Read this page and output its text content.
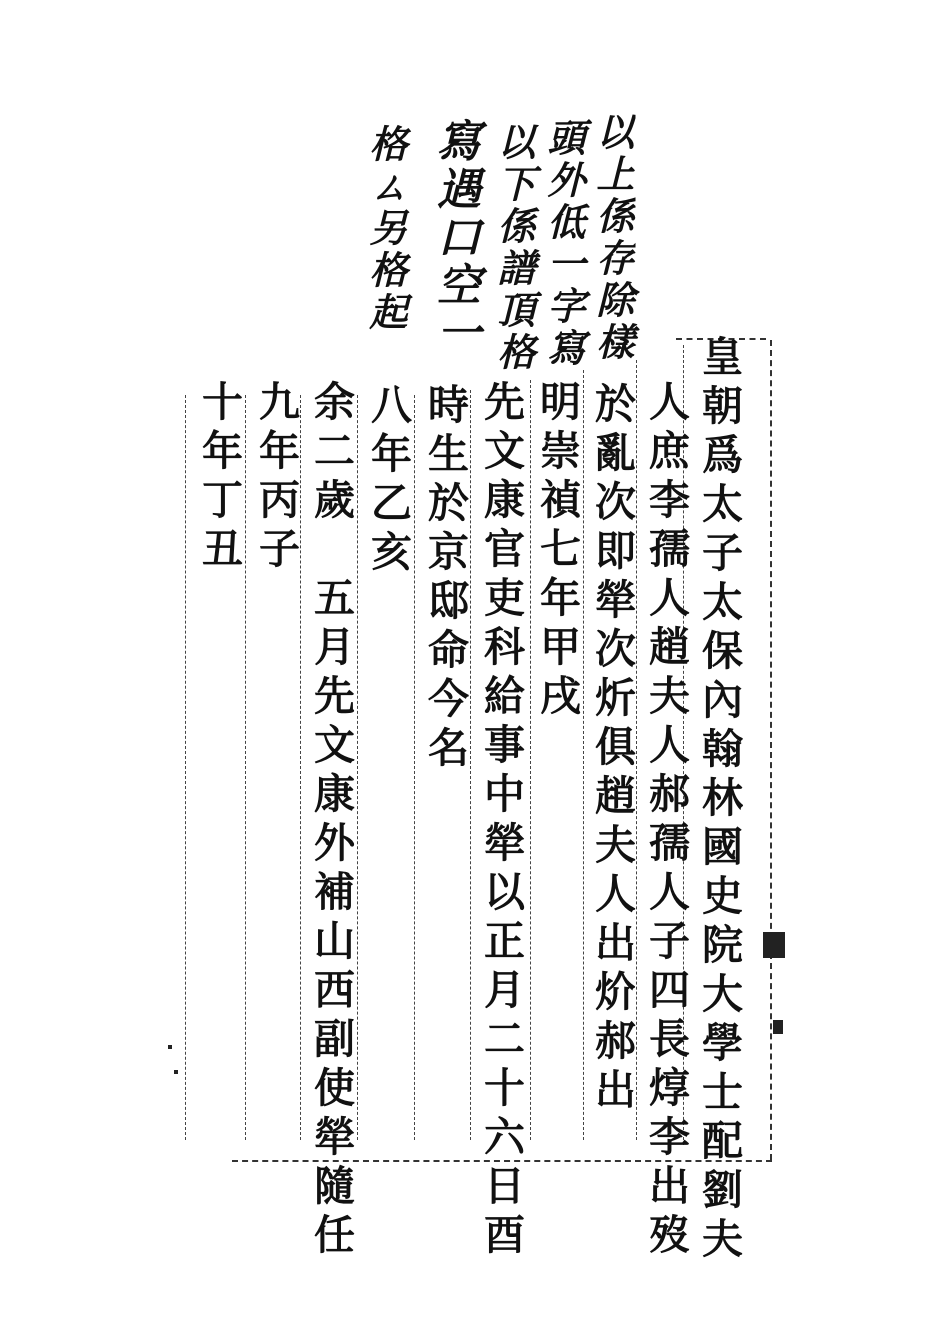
以上係存除樣
頭外低一字寫
以下係譜頂格
寫遇口空一
格ㄙ另格起
皇朝爲太子太保內翰林國史院大學士配劉夫
人庶李孺人趙夫人郝孺人子四長焞李出歿
於亂次即犖次炘俱趙夫人出炌郝出
明崇禎七年甲戌
先文康官吏科給事中犖以正月二十六日酉
時生於京邸命今名
八年乙亥
余二歲　五月先文康外補山西副使犖隨任
九年丙子
十年丁丑
